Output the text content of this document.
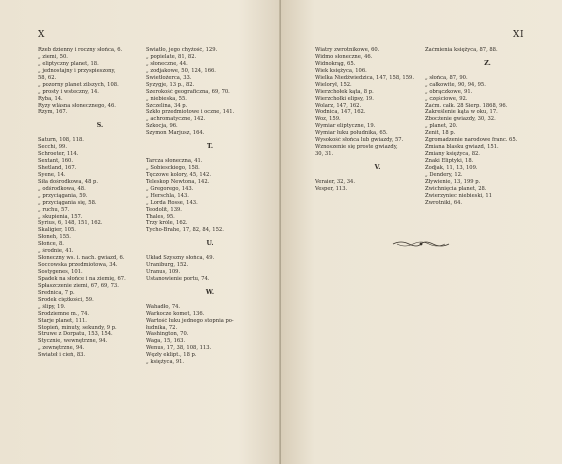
X
Rzeb dzienny i roczny słońca, 6.
„ ziemi, 50.
„ eliptyczny planet, 18.
„ jednostajny i przyspieszony,
58, 62.
„ pozorny planet zilszych, 108.
„ prosty i wsteczny, 14.
Ryba, 14.
Ryzy wlásna słonecznego, 46.
Rzym, 167.

S.

Saturn, 108, 118.
Secchi, 99.
Schroeter, 114.
Sextant, 160.
Shetland, 167.
Syene, 14.
Siła dośrodkowa, 48 p.
„ odśrodkowa, 48.
„ przyciągania, 59.
„ przyciągania się, 58.
„ ruchu, 57.
„ skupienia, 157.
Syrius, 6, 148, 151, 162.
Skaligier, 105.
Słoneh, 155.
Słońce, 8.
„ środnie, 41.
Słoneczny ws. i. nach. gwiazd, 6.
Soccowska przedmiotowa, 34.
Sostygenes, 101.
Spadek na słońce i na ziemię, 67.
Spłaszczenie ziemi, 67, 69, 73.
Średnica, 7 p.
Środek ciężkości, 59.
„ ślipy, 19.
Środziemne m., 74.
Starje planet, 111.
Stopień, minuty, sekundy, 9 p.
Struwe z Dorpatu, 153, 154.
Stycznie, wewnętrzne, 94.
„ zewnętrzne, 94.
Świateł i cień, 83.
Światło, jego chyżość, 129.
„ popielate, 81, 82.
„ słoneczne, 44.
„ zodjakowe, 50, 124, 166.
Świetłożerca, 33.
Syzygje, 13 p., 82.
Szerokość geograficzna, 69, 70.
„ niebieska, 55.
Szczelina, 34 p.
Szkło przedmiotowe i oczne, 141.
„ achromatyczne, 142.
Szkocja, 96.
Szymon Marjusz, 164.

T.

Tarcza słoneczna, 41.
„ Sobiesckiego, 158.
Tęczowe kolory, 45, 142.
Teleskop Newtona, 142.
„ Gregorego, 143.
„ Herschla, 143.
„ Lorda Rosse, 143.
Teodolit, 139.
Thales, 95.
Trzy króle, 162.
Tycho-Brahe, 17, 82, 84, 152.

U.

Układ Szyszny słońca, 49.
Uraniburg, 152.
Uranus, 109.
Ustanowienie portu, 74.

W.

Wahadło, 74.
Warkocze komet, 136.
Wartość łuku jednego stopnia po-
łudnika, 72.
Washington, 70.
Waga, 15, 163.
Wenus, 17, 38, 108, 113.
Węzły eklipt., 18 p.
„ księżyca, 91.
XI
Wiatry zwrotnikowe, 60.
Widmo słoneczne, 46.
Widnokrąg, 65.
Wiek księżyca, 106.
Wielka Niedźwiedzica, 147, 158, 159.
Wielorył, 152.
Wierzchołek kąta, 8 p.
Wierzchołki elipsy, 19.
Wolarz, 147, 162.
Wodnica, 147, 162.
Woz, 159.
Wymiar eliptyczne, 19.
Wymiar łuku południka, 65.
Wysokość słońca lub gwiazdy, 57.
Wznoszenie się proste gwiazdy,
30, 31.

V.

Veraier, 32, 34.
Vesper, 113.
Zaćmienia księżyca, 87, 88.

Z.

„ słońca, 87, 90.
„ całkowite, 90, 94, 95.
„ obrączkowe, 91.
„ częściowe, 92.
Zaćm. całk. 28 Sierp. 1868, 96.
Zakreślenie kąta w oku, 17.
Zbocżenie gwiazdy, 30, 32.
„ planet, 20.
Zenit, 18 p.
Zgromadzenie narodowe franc. 65.
Zmiana blasku gwiazd, 151.
Zmiany księżyca, 82.
Znaki Eliptyki, 18.
Zodjak, 11, 13, 109.
„ Dendery, 12.
Zływienie, 13, 199 p.
Zwichnięcia planet, 28.
Zwierzyniec niebieski, 11
Zwrotniki, 64.
